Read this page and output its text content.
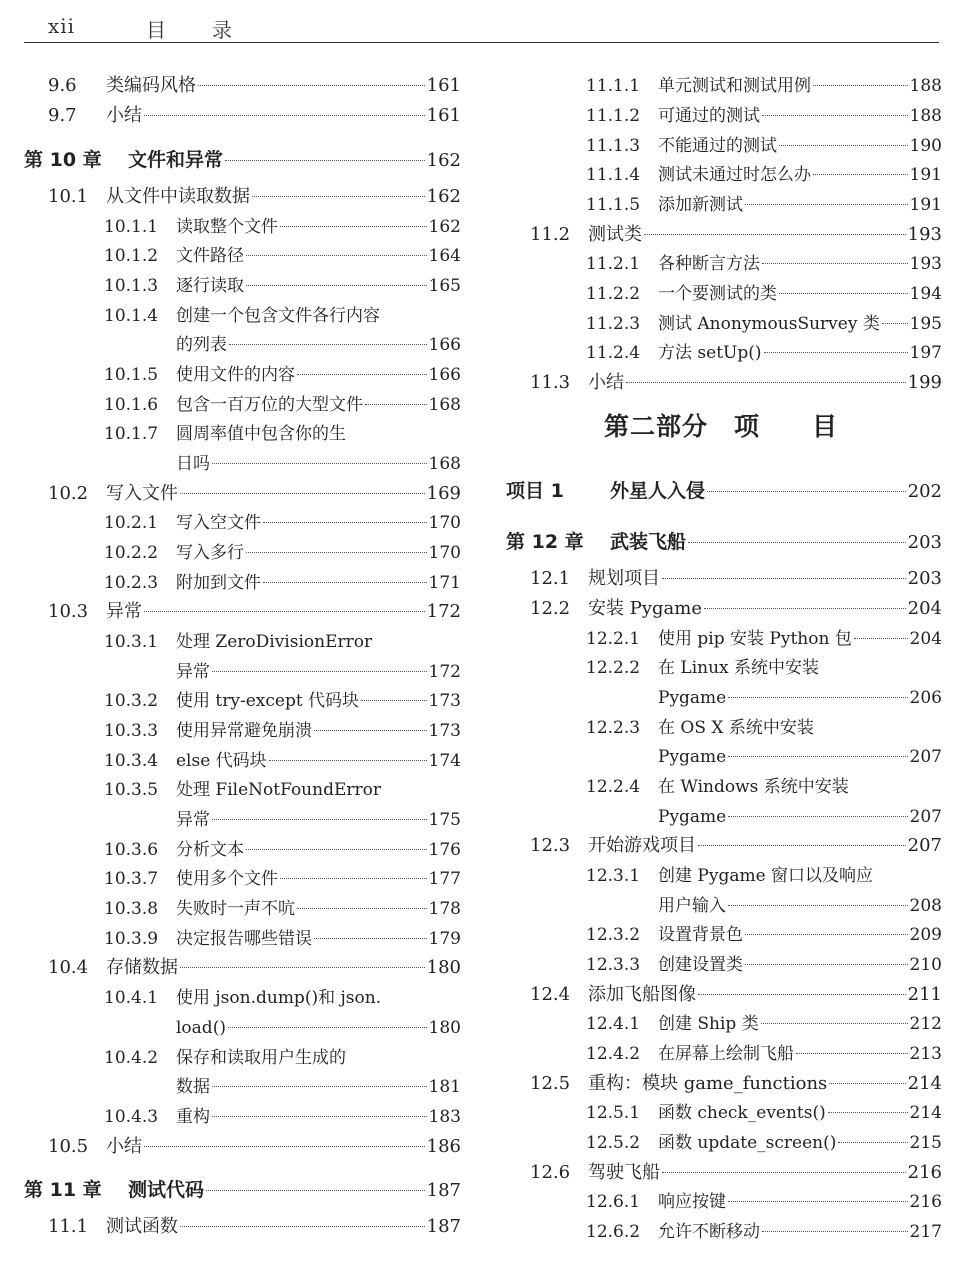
xii	目 录
9.6	类编码风格	161
9.7	小结	161
第 10 章	文件和异常	162
10.1 从文件中读取数据	162
10.1.1	读取整个文件	162
10.1.2	文件路径	164
10.1.3	逐行读取	165
10.1.4	创建一个包含文件各行内容
的列表	166
10.1.5	使用文件的内容	166
10.1.6	包含一百万位的大型文件	168
10.1.7	圆周率值中包含你的生
日吗	168
10.2 写入文件	169
10.2.1	写入空文件	170
10.2.2	写入多行	170
10.2.3	附加到文件	171
10.3 异常	172
10.3.1	处理 ZeroDivisionError
异常	172
10.3.2	使用 try-except 代码块	173
10.3.3	使用异常避免崩溃	173
10.3.4	else 代码块	174
10.3.5	处理 FileNotFoundError
异常	175
10.3.6	分析文本	176
10.3.7	使用多个文件	177
10.3.8	失败时一声不吭	178
10.3.9	决定报告哪些错误	179
10.4 存储数据	180
10.4.1	使用 json.dump()和 json.
load()	180
10.4.2	保存和读取用户生成的
数据	181
10.4.3	重构	183
10.5 小结	186
第 11 章	测试代码	187
11.1 测试函数	187
11.1.1	单元测试和测试用例	188
11.1.2	可通过的测试	188
11.1.3	不能通过的测试	190
11.1.4	测试未通过时怎么办	191
11.1.5	添加新测试	191
11.2 测试类	193
11.2.1	各种断言方法	193
11.2.2	一个要测试的类	194
11.2.3	测试 AnonymousSurvey 类 195
11.2.4	方法 setUp()	197
11.3 小结	199
第二部分　项　　目
项目 1	外星人入侵	202
第 12 章	武装飞船	203
12.1 规划项目	203
12.2 安装 Pygame	204
12.2.1	使用 pip 安装 Python 包	204
12.2.2	在 Linux 系统中安装
Pygame	206
12.2.3	在 OS X 系统中安装
Pygame	207
12.2.4	在 Windows 系统中安装
Pygame	207
12.3 开始游戏项目	207
12.3.1	创建 Pygame 窗口以及响应
用户输入	208
12.3.2	设置背景色	209
12.3.3	创建设置类	210
12.4 添加飞船图像	211
12.4.1	创建 Ship 类	212
12.4.2	在屏幕上绘制飞船	213
12.5 重构：模块 game_functions	214
12.5.1	函数 check_events()	214
12.5.2	函数 update_screen()	215
12.6 驾驶飞船	216
12.6.1	响应按键	216
12.6.2	允许不断移动	217
